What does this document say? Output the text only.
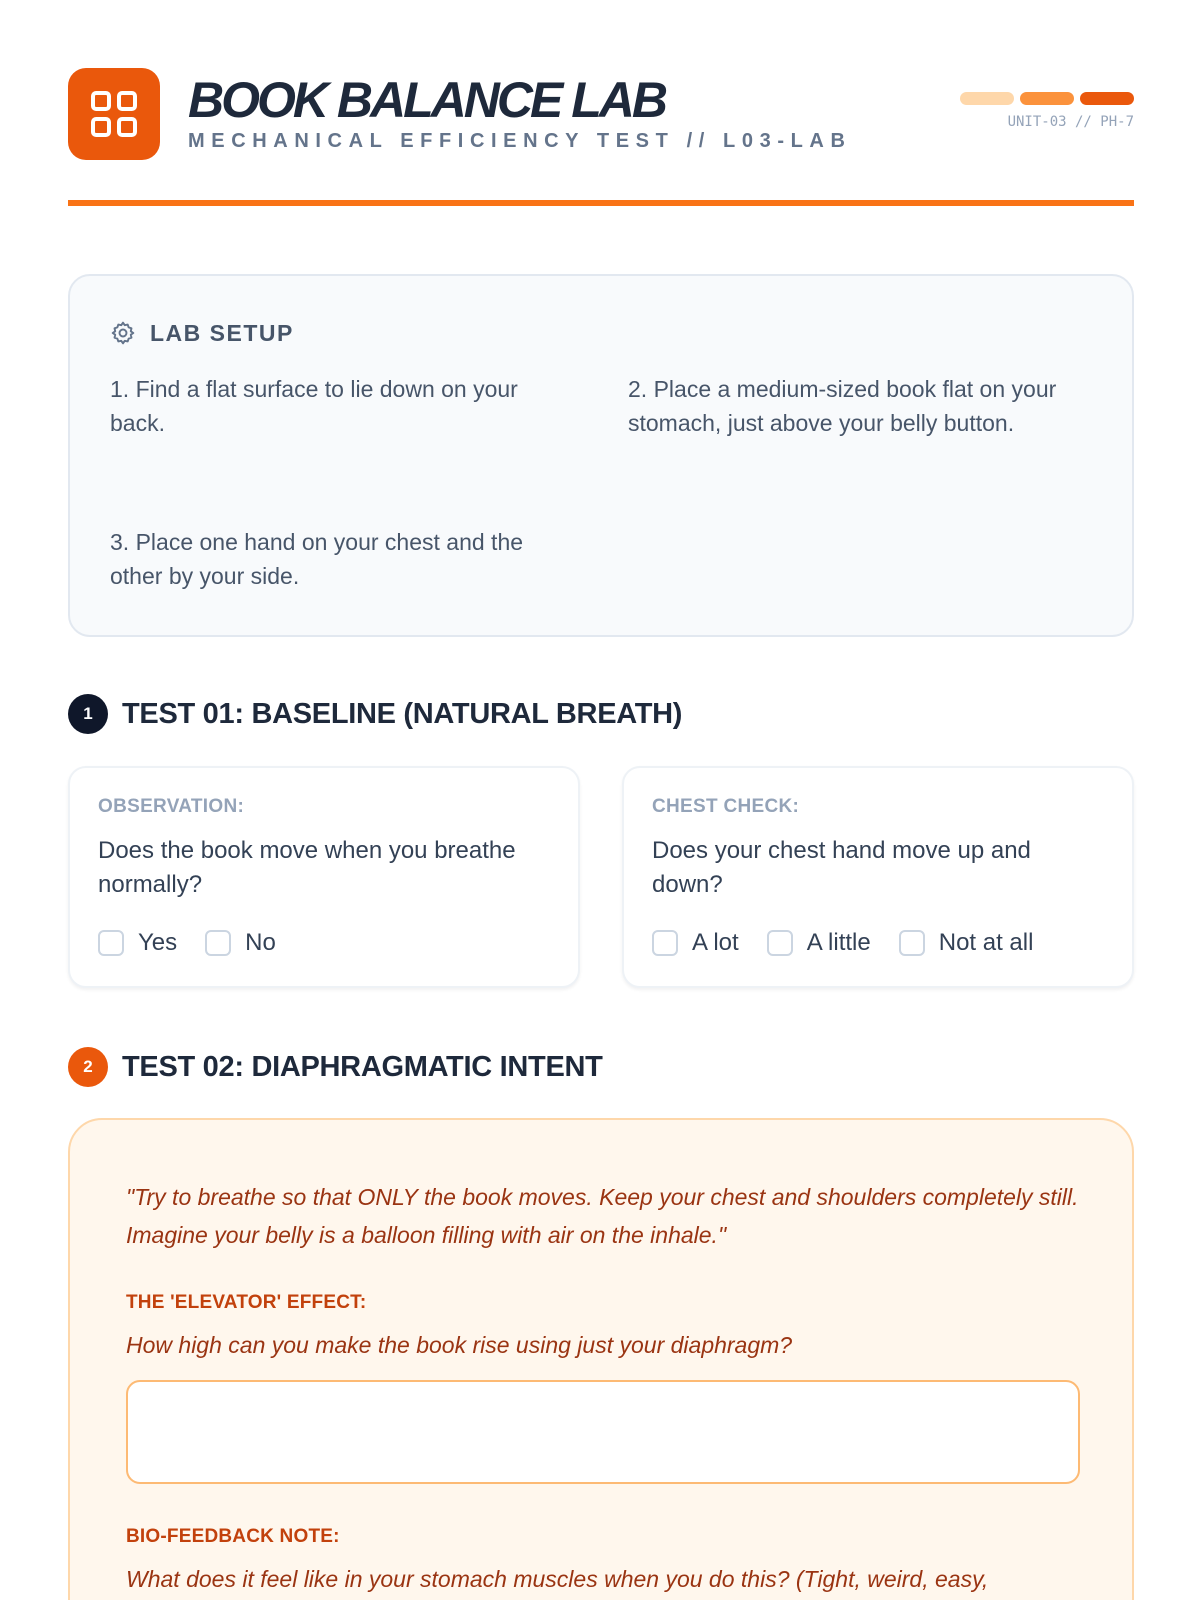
BOOK BALANCE LAB
MECHANICAL EFFICIENCY TEST // L03-LAB
UNIT-03 // PH-7
LAB SETUP
1. Find a flat surface to lie down on your back.
2. Place a medium-sized book flat on your stomach, just above your belly button.
3. Place one hand on your chest and the other by your side.
1	TEST 01: BASELINE (NATURAL BREATH)
OBSERVATION:
Does the book move when you breathe normally?
Yes	No
CHEST CHECK:
Does your chest hand move up and down?
A lot	A little	Not at all
2	TEST 02: DIAPHRAGMATIC INTENT
"Try to breathe so that ONLY the book moves. Keep your chest and shoulders completely still. Imagine your belly is a balloon filling with air on the inhale."
THE 'ELEVATOR' EFFECT:
How high can you make the book rise using just your diaphragm?
BIO-FEEDBACK NOTE:
What does it feel like in your stomach muscles when you do this? (Tight, weird, easy,
